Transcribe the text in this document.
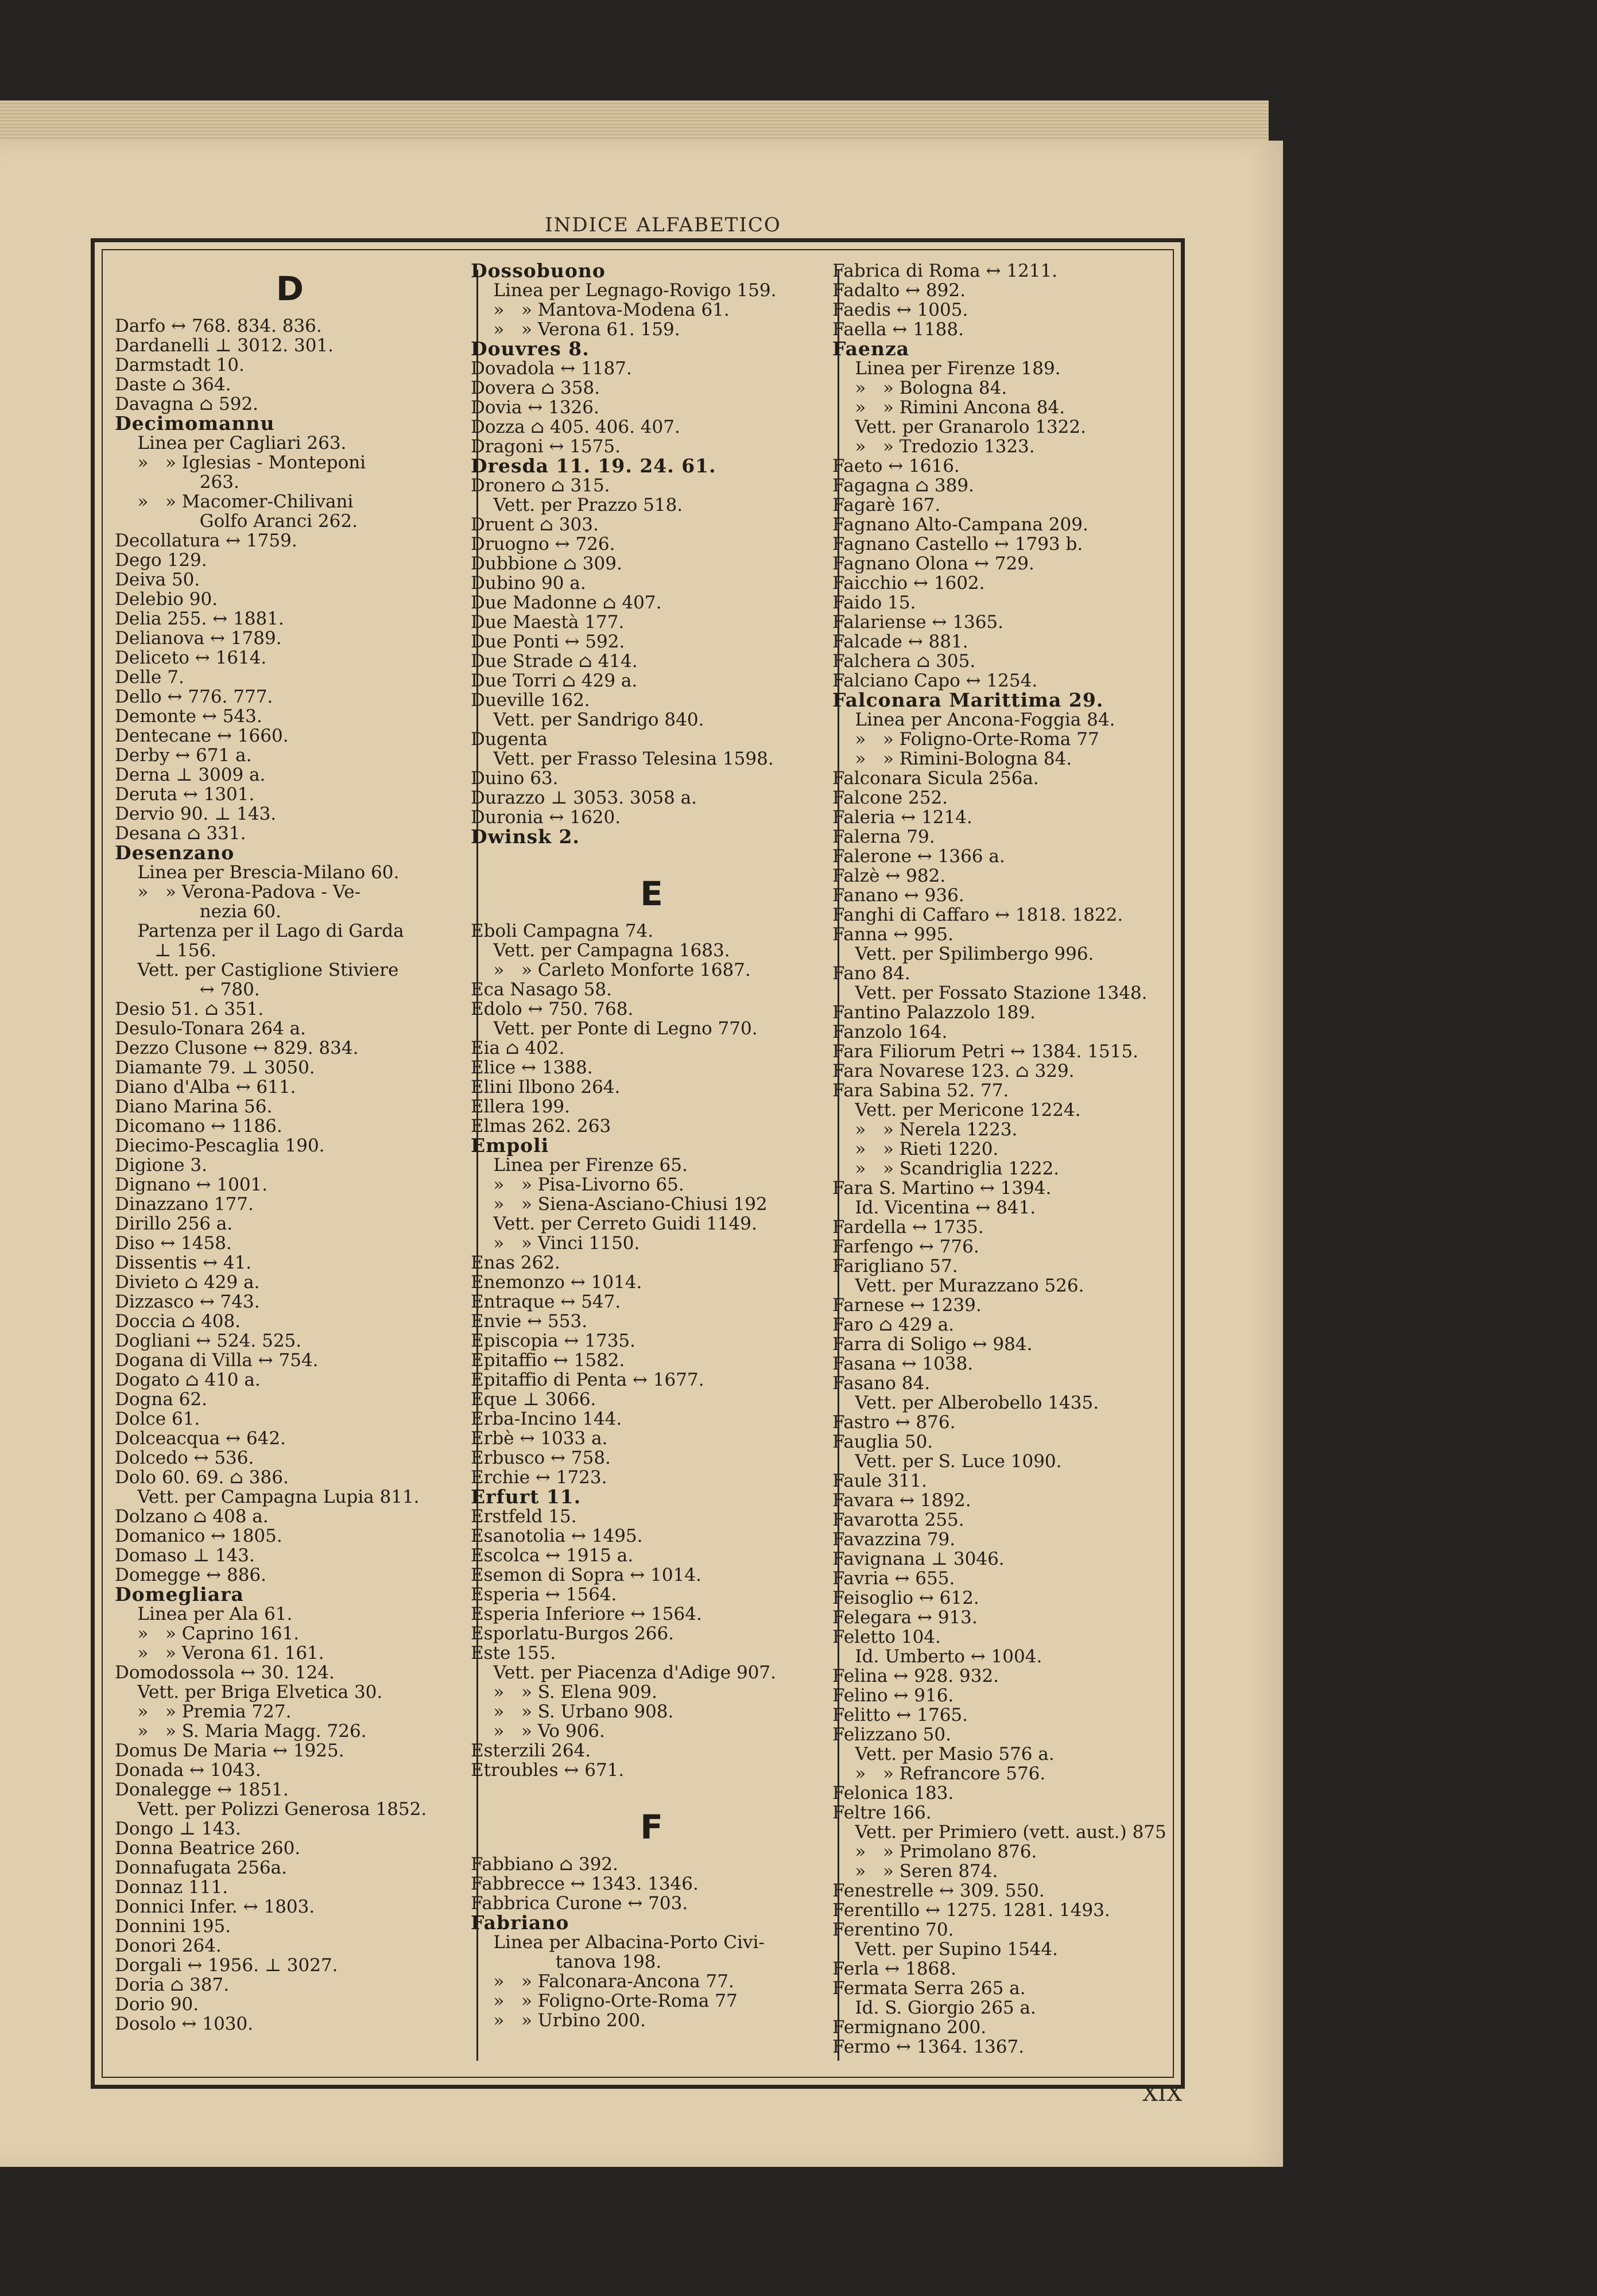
INDICE ALFABETICO
D
Darfo ↔ 768. 834. 836.
Dardanelli ⊥ 3012. 301.
Darmstadt 10.
Daste ⌂ 364.
Davagna ⌂ 592.
Decimomannu
Linea per Cagliari 263.
»   » Iglesias - Monteponi
263.
»   » Macomer-Chilivani
Golfo Aranci 262.
Decollatura ↔ 1759.
Dego 129.
Deiva 50.
Delebio 90.
Delia 255. ↔ 1881.
Delianova ↔ 1789.
Deliceto ↔ 1614.
Delle 7.
Dello ↔ 776. 777.
Demonte ↔ 543.
Dentecane ↔ 1660.
Derby ↔ 671 a.
Derna ⊥ 3009 a.
Deruta ↔ 1301.
Dervio 90. ⊥ 143.
Desana ⌂ 331.
Desenzano
Linea per Brescia-Milano 60.
»   » Verona-Padova - Ve-
nezia 60.
Partenza per il Lago di Garda
⊥ 156.
Vett. per Castiglione Stiviere
↔ 780.
Desio 51. ⌂ 351.
Desulo-Tonara 264 a.
Dezzo Clusone ↔ 829. 834.
Diamante 79. ⊥ 3050.
Diano d'Alba ↔ 611.
Diano Marina 56.
Dicomano ↔ 1186.
Diecimo-Pescaglia 190.
Digione 3.
Dignano ↔ 1001.
Dinazzano 177.
Dirillo 256 a.
Diso ↔ 1458.
Dissentis ↔ 41.
Divieto ⌂ 429 a.
Dizzasco ↔ 743.
Doccia ⌂ 408.
Dogliani ↔ 524. 525.
Dogana di Villa ↔ 754.
Dogato ⌂ 410 a.
Dogna 62.
Dolce 61.
Dolceacqua ↔ 642.
Dolcedo ↔ 536.
Dolo 60. 69. ⌂ 386.
Vett. per Campagna Lupia 811.
Dolzano ⌂ 408 a.
Domanico ↔ 1805.
Domaso ⊥ 143.
Domegge ↔ 886.
Domegliara
Linea per Ala 61.
»   » Caprino 161.
»   » Verona 61. 161.
Domodossola ↔ 30. 124.
Vett. per Briga Elvetica 30.
»   » Premia 727.
»   » S. Maria Magg. 726.
Domus De Maria ↔ 1925.
Donada ↔ 1043.
Donalegge ↔ 1851.
Vett. per Polizzi Generosa 1852.
Dongo ⊥ 143.
Donna Beatrice 260.
Donnafugata 256a.
Donnaz 111.
Donnici Infer. ↔ 1803.
Donnini 195.
Donori 264.
Dorgali ↔ 1956. ⊥ 3027.
Doria ⌂ 387.
Dorio 90.
Dosolo ↔ 1030.
Dossobuono
Linea per Legnago-Rovigo 159.
»   » Mantova-Modena 61.
»   » Verona 61. 159.
Douvres 8.
Dovadola ↔ 1187.
Dovera ⌂ 358.
Dovia ↔ 1326.
Dozza ⌂ 405. 406. 407.
Dragoni ↔ 1575.
Dresda 11. 19. 24. 61.
Dronero ⌂ 315.
Vett. per Prazzo 518.
Druent ⌂ 303.
Druogno ↔ 726.
Dubbione ⌂ 309.
Dubino 90 a.
Due Madonne ⌂ 407.
Due Maestà 177.
Due Ponti ↔ 592.
Due Strade ⌂ 414.
Due Torri ⌂ 429 a.
Dueville 162.
Vett. per Sandrigo 840.
Dugenta
Vett. per Frasso Telesina 1598.
Duino 63.
Durazzo ⊥ 3053. 3058 a.
Duronia ↔ 1620.
Dwinsk 2.
E
Eboli Campagna 74.
Vett. per Campagna 1683.
»   » Carleto Monforte 1687.
Eca Nasago 58.
Edolo ↔ 750. 768.
Vett. per Ponte di Legno 770.
Eia ⌂ 402.
Elice ↔ 1388.
Elini Ilbono 264.
Ellera 199.
Elmas 262. 263
Empoli
Linea per Firenze 65.
»   » Pisa-Livorno 65.
»   » Siena-Asciano-Chiusi 192
Vett. per Cerreto Guidi 1149.
»   » Vinci 1150.
Enas 262.
Enemonzo ↔ 1014.
Entraque ↔ 547.
Envie ↔ 553.
Episcopia ↔ 1735.
Epitaffio ↔ 1582.
Epitaffio di Penta ↔ 1677.
Eque ⊥ 3066.
Erba-Incino 144.
Erbè ↔ 1033 a.
Erbusco ↔ 758.
Erchie ↔ 1723.
Erfurt 11.
Erstfeld 15.
Esanotolia ↔ 1495.
Escolca ↔ 1915 a.
Esemon di Sopra ↔ 1014.
Esperia ↔ 1564.
Esperia Inferiore ↔ 1564.
Esporlatu-Burgos 266.
Este 155.
Vett. per Piacenza d'Adige 907.
»   » S. Elena 909.
»   » S. Urbano 908.
»   » Vo 906.
Esterzili 264.
Etroubles ↔ 671.
F
Fabbiano ⌂ 392.
Fabbrecce ↔ 1343. 1346.
Fabbrica Curone ↔ 703.
Fabriano
Linea per Albacina-Porto Civi-
tanova 198.
»   » Falconara-Ancona 77.
»   » Foligno-Orte-Roma 77
»   » Urbino 200.
Fabrica di Roma ↔ 1211.
Fadalto ↔ 892.
Faedis ↔ 1005.
Faella ↔ 1188.
Faenza
Linea per Firenze 189.
»   » Bologna 84.
»   » Rimini Ancona 84.
Vett. per Granarolo 1322.
»   » Tredozio 1323.
Faeto ↔ 1616.
Fagagna ⌂ 389.
Fagarè 167.
Fagnano Alto-Campana 209.
Fagnano Castello ↔ 1793 b.
Fagnano Olona ↔ 729.
Faicchio ↔ 1602.
Faido 15.
Falariense ↔ 1365.
Falcade ↔ 881.
Falchera ⌂ 305.
Falciano Capo ↔ 1254.
Falconara Marittima 29.
Linea per Ancona-Foggia 84.
»   » Foligno-Orte-Roma 77
»   » Rimini-Bologna 84.
Falconara Sicula 256a.
Falcone 252.
Faleria ↔ 1214.
Falerna 79.
Falerone ↔ 1366 a.
Falzè ↔ 982.
Fanano ↔ 936.
Fanghi di Caffaro ↔ 1818. 1822.
Fanna ↔ 995.
Vett. per Spilimbergo 996.
Fano 84.
Vett. per Fossato Stazione 1348.
Fantino Palazzolo 189.
Fanzolo 164.
Fara Filiorum Petri ↔ 1384. 1515.
Fara Novarese 123. ⌂ 329.
Fara Sabina 52. 77.
Vett. per Mericone 1224.
»   » Nerela 1223.
»   » Rieti 1220.
»   » Scandriglia 1222.
Fara S. Martino ↔ 1394.
Id. Vicentina ↔ 841.
Fardella ↔ 1735.
Farfengo ↔ 776.
Farigliano 57.
Vett. per Murazzano 526.
Farnese ↔ 1239.
Faro ⌂ 429 a.
Farra di Soligo ↔ 984.
Fasana ↔ 1038.
Fasano 84.
Vett. per Alberobello 1435.
Fastro ↔ 876.
Fauglia 50.
Vett. per S. Luce 1090.
Faule 311.
Favara ↔ 1892.
Favarotta 255.
Favazzina 79.
Favignana ⊥ 3046.
Favria ↔ 655.
Feisoglio ↔ 612.
Felegara ↔ 913.
Feletto 104.
Id. Umberto ↔ 1004.
Felina ↔ 928. 932.
Felino ↔ 916.
Felitto ↔ 1765.
Felizzano 50.
Vett. per Masio 576 a.
»   » Refrancore 576.
Felonica 183.
Feltre 166.
Vett. per Primiero (vett. aust.) 875
»   » Primolano 876.
»   » Seren 874.
Fenestrelle ↔ 309. 550.
Ferentillo ↔ 1275. 1281. 1493.
Ferentino 70.
Vett. per Supino 1544.
Ferla ↔ 1868.
Fermata Serra 265 a.
Id. S. Giorgio 265 a.
Fermignano 200.
Fermo ↔ 1364. 1367.
XIX
